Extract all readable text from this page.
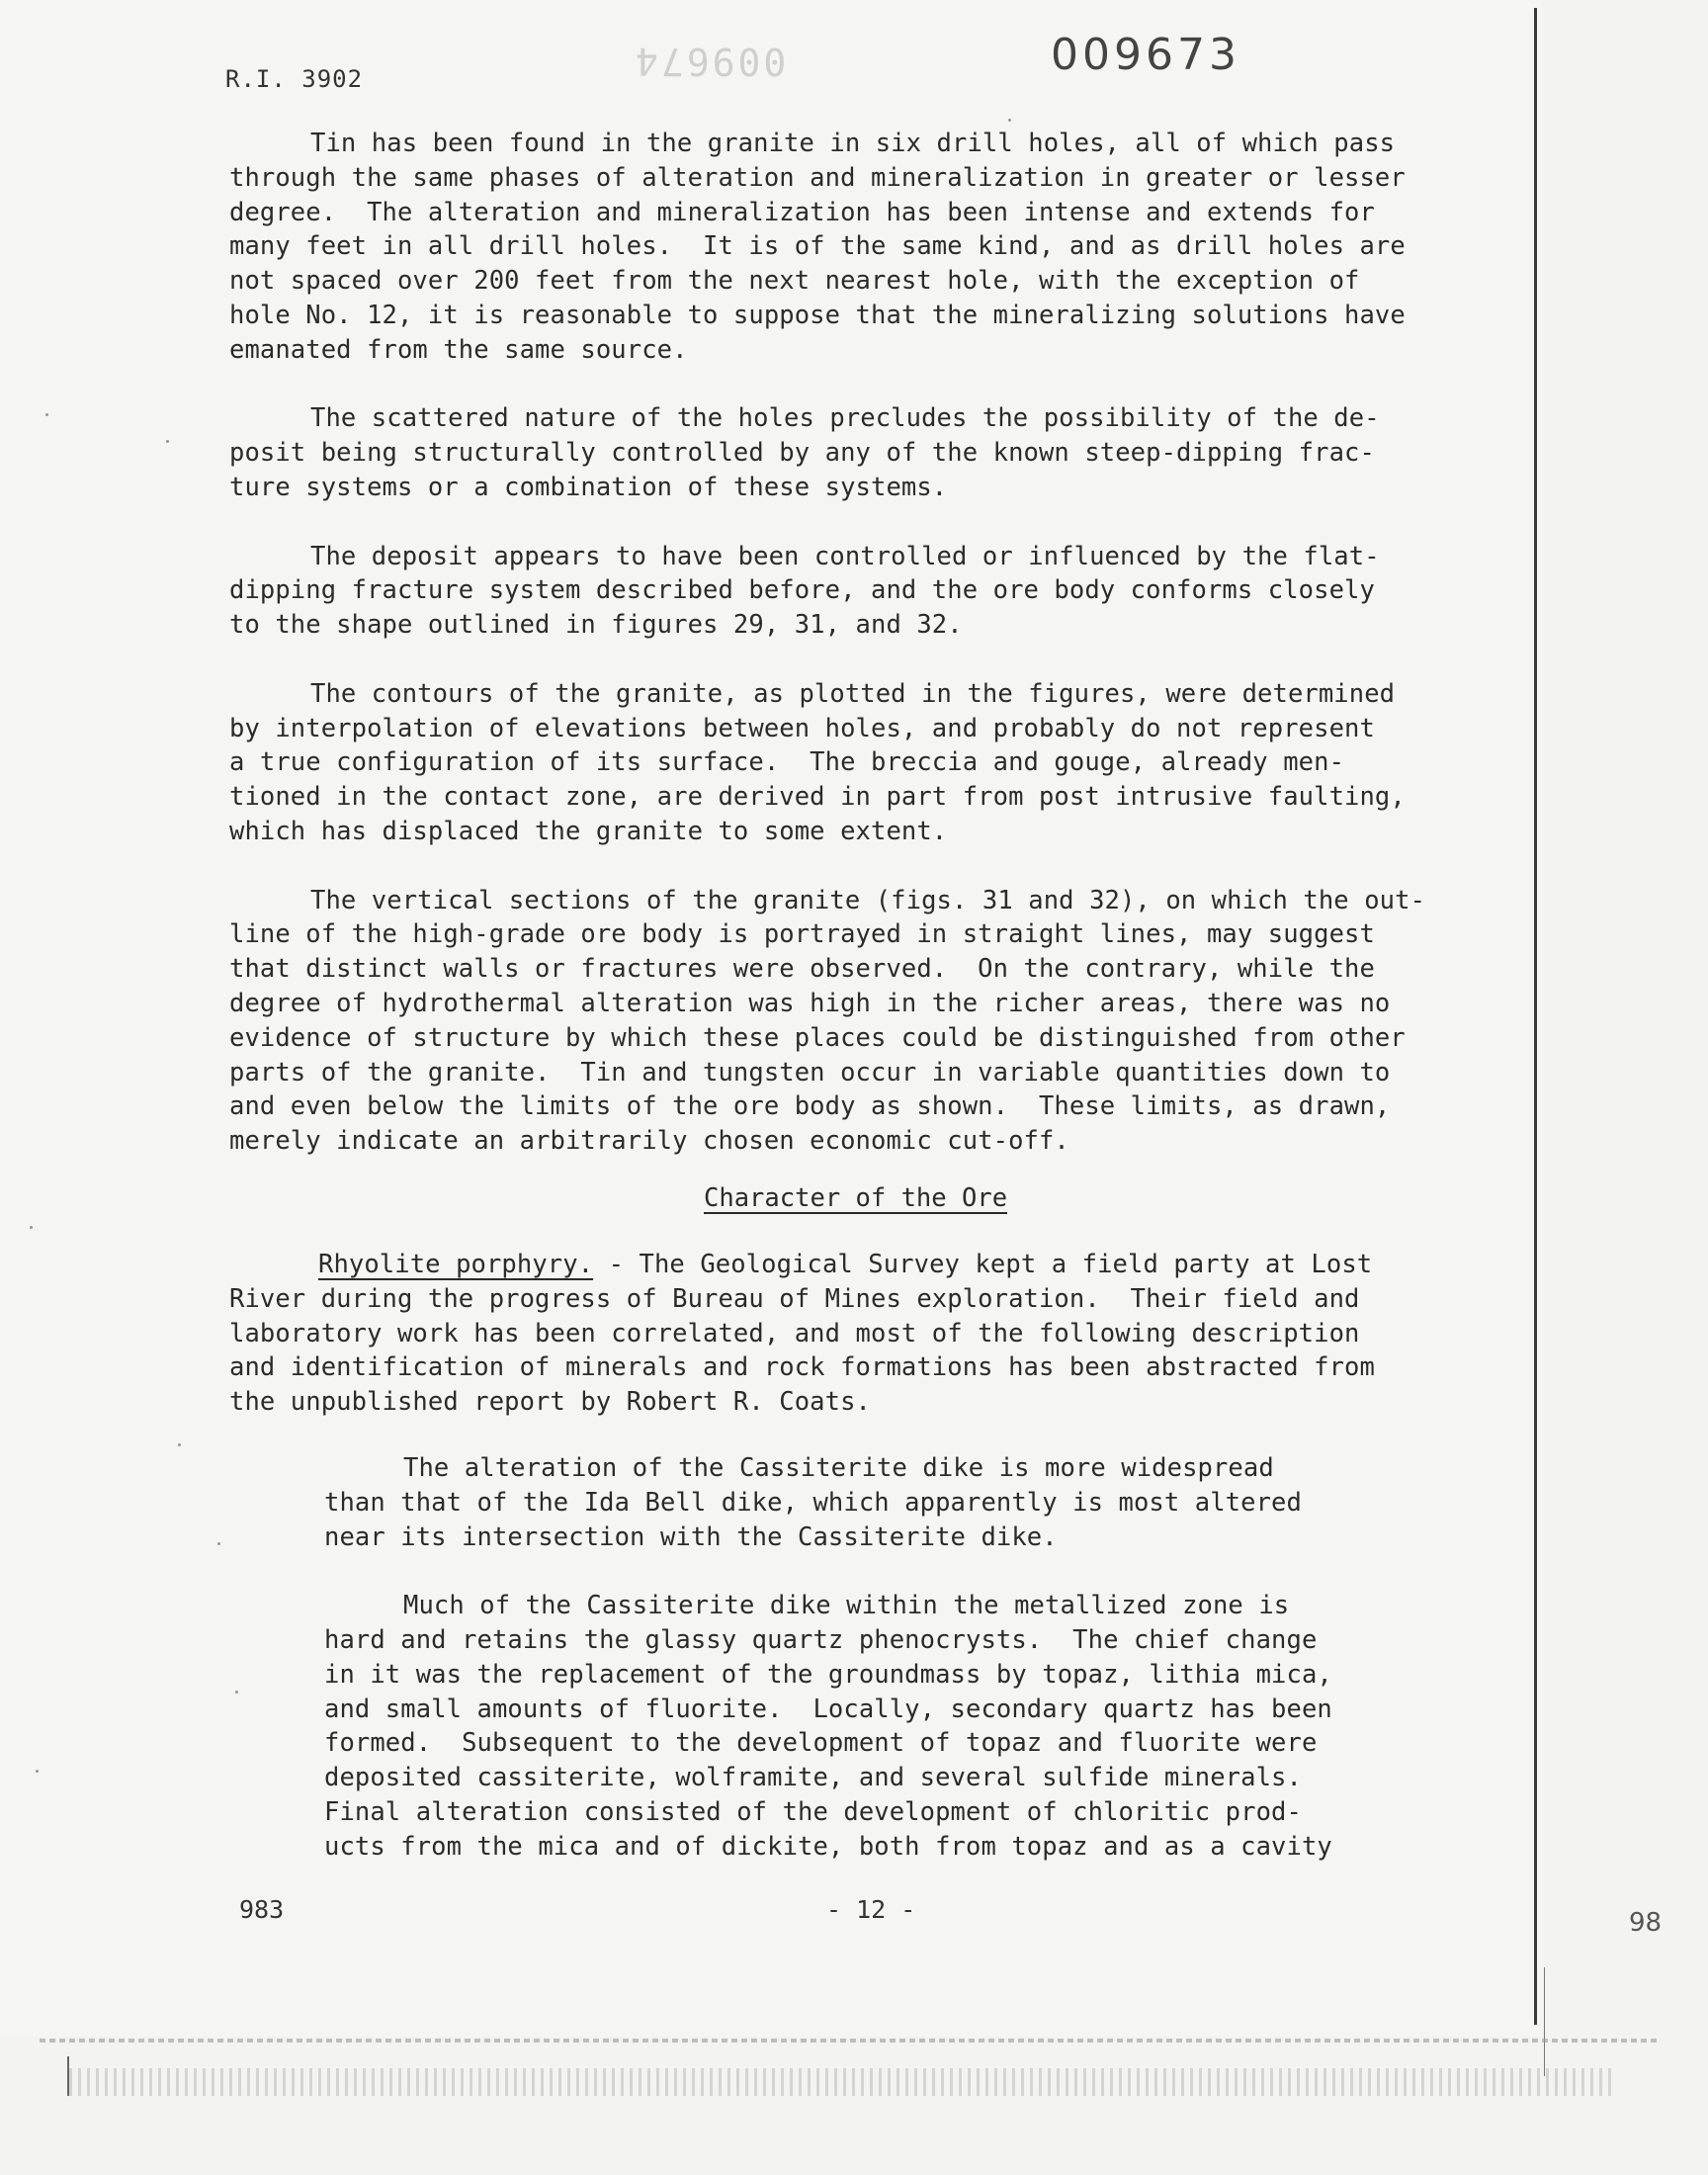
009674
R.I. 3902	009673
Tin has been found in the granite in six drill holes, all of which pass
through the same phases of alteration and mineralization in greater or lesser
degree.  The alteration and mineralization has been intense and extends for
many feet in all drill holes.  It is of the same kind, and as drill holes are
not spaced over 200 feet from the next nearest hole, with the exception of
hole No. 12, it is reasonable to suppose that the mineralizing solutions have
emanated from the same source.
The scattered nature of the holes precludes the possibility of the de-
posit being structurally controlled by any of the known steep-dipping frac-
ture systems or a combination of these systems.
The deposit appears to have been controlled or influenced by the flat-
dipping fracture system described before, and the ore body conforms closely
to the shape outlined in figures 29, 31, and 32.
The contours of the granite, as plotted in the figures, were determined
by interpolation of elevations between holes, and probably do not represent
a true configuration of its surface.  The breccia and gouge, already men-
tioned in the contact zone, are derived in part from post intrusive faulting,
which has displaced the granite to some extent.
The vertical sections of the granite (figs. 31 and 32), on which the out-
line of the high-grade ore body is portrayed in straight lines, may suggest
that distinct walls or fractures were observed.  On the contrary, while the
degree of hydrothermal alteration was high in the richer areas, there was no
evidence of structure by which these places could be distinguished from other
parts of the granite.  Tin and tungsten occur in variable quantities down to
and even below the limits of the ore body as shown.  These limits, as drawn,
merely indicate an arbitrarily chosen economic cut-off.
Character of the Ore
Rhyolite porphyry. - The Geological Survey kept a field party at Lost
River during the progress of Bureau of Mines exploration.  Their field and
laboratory work has been correlated, and most of the following description
and identification of minerals and rock formations has been abstracted from
the unpublished report by Robert R. Coats.
The alteration of the Cassiterite dike is more widespread
than that of the Ida Bell dike, which apparently is most altered
near its intersection with the Cassiterite dike.
Much of the Cassiterite dike within the metallized zone is
hard and retains the glassy quartz phenocrysts.  The chief change
in it was the replacement of the groundmass by topaz, lithia mica,
and small amounts of fluorite.  Locally, secondary quartz has been
formed.  Subsequent to the development of topaz and fluorite were
deposited cassiterite, wolframite, and several sulfide minerals.
Final alteration consisted of the development of chloritic prod-
ucts from the mica and of dickite, both from topaz and as a cavity
983	- 12 -	98
